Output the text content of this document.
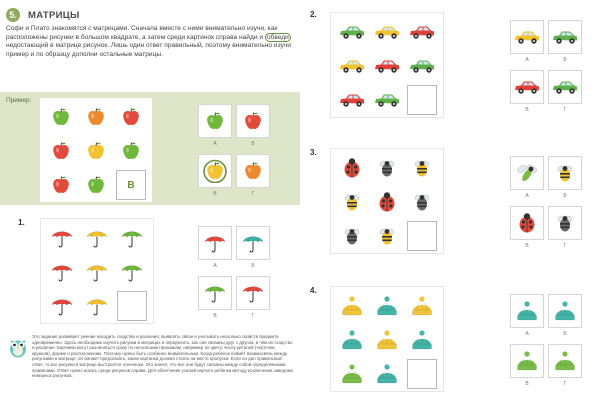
5.	МАТРИЦЫ
Софи и Плато знакомятся с матрицами. Сначала вместе с ними внимательно изучи, как расположены рисунки в большом квадрате, а затем среди картинок справа найди и обведи недостающий в матрице рисунок. Лишь один ответ правильный, поэтому внимательно изучи пример и по образцу дополни остальные матрицы.
Пример:
В
А	Б
В	Г
1.
А	Б
В	Г
2.
А	Б
В	Г
3.
А	Б
В	Г
4.
А	Б
В	Г
Это задание развивает умение находить сходства и различия, выявлять связи и учитывать несколько свойств предмета одновременно. Здесь необходимо изучить рисунки в матрицах и определить, как они связаны друг с другом, в чём их сходство и различие. Картинки могут различаться сразу по нескольким признакам, например по цвету, числу деталей (черточек, кружков), форме и расположению. Поэтому нужно быть особенно внимательным. Когда ребёнок поймёт взаимосвязь между рисунками в матрице, он сможет предсказать, какая картинка должна стоять на месте пропуска. Если он дал правильный ответ, то все рисунки в матрице выстроятся логически. Это значит, что все они будут связаны между собой определёнными правилами. Ответ нужно искать среди рисунков справа. Для облегчения усилий научите ребёнка методу исключения заведомо неверных рисунков.
